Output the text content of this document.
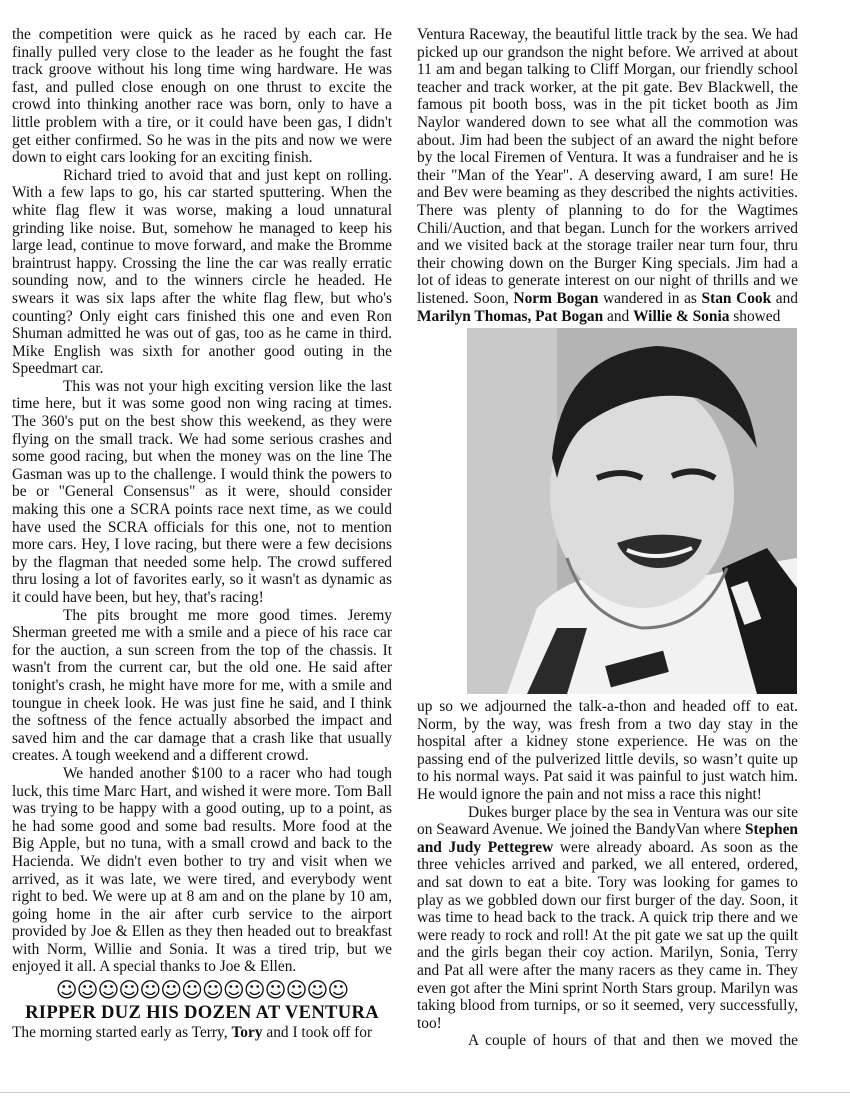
the competition were quick as he raced by each car. He finally pulled very close to the leader as he fought the fast track groove without his long time wing hardware. He was fast, and pulled close enough on one thrust to excite the crowd into thinking another race was born, only to have a little problem with a tire, or it could have been gas, I didn't get either confirmed. So he was in the pits and now we were down to eight cars looking for an exciting finish.

Richard tried to avoid that and just kept on rolling. With a few laps to go, his car started sputtering. When the white flag flew it was worse, making a loud unnatural grinding like noise. But, somehow he managed to keep his large lead, continue to move forward, and make the Bromme braintrust happy. Crossing the line the car was really erratic sounding now, and to the winners circle he headed. He swears it was six laps after the white flag flew, but who's counting? Only eight cars finished this one and even Ron Shuman admitted he was out of gas, too as he came in third. Mike English was sixth for another good outing in the Speedmart car.

This was not your high exciting version like the last time here, but it was some good non wing racing at times. The 360's put on the best show this weekend, as they were flying on the small track. We had some serious crashes and some good racing, but when the money was on the line The Gasman was up to the challenge. I would think the powers to be or "General Consensus" as it were, should consider making this one a SCRA points race next time, as we could have used the SCRA officials for this one, not to mention more cars. Hey, I love racing, but there were a few decisions by the flagman that needed some help. The crowd suffered thru losing a lot of favorites early, so it wasn't as dynamic as it could have been, but hey, that's racing!

The pits brought me more good times. Jeremy Sherman greeted me with a smile and a piece of his race car for the auction, a sun screen from the top of the chassis. It wasn't from the current car, but the old one. He said after tonight's crash, he might have more for me, with a smile and toungue in cheek look. He was just fine he said, and I think the softness of the fence actually absorbed the impact and saved him and the car damage that a crash like that usually creates. A tough weekend and a different crowd.

We handed another $100 to a racer who had tough luck, this time Marc Hart, and wished it were more. Tom Ball was trying to be happy with a good outing, up to a point, as he had some good and some bad results. More food at the Big Apple, but no tuna, with a small crowd and back to the Hacienda. We didn't even bother to try and visit when we arrived, as it was late, we were tired, and everybody went right to bed. We were up at 8 am and on the plane by 10 am, going home in the air after curb service to the airport provided by Joe & Ellen as they then headed out to breakfast with Norm, Willie and Sonia. It was a tired trip, but we enjoyed it all. A special thanks to Joe & Ellen.

☺☺☺☺☺☺☺☺☺☺☺☺☺☺

RIPPER DUZ HIS DOZEN AT VENTURA

The morning started early as Terry, Tory and I took off for

Ventura Raceway, the beautiful little track by the sea. We had picked up our grandson the night before. We arrived at about 11 am and began talking to Cliff Morgan, our friendly school teacher and track worker, at the pit gate. Bev Blackwell, the famous pit booth boss, was in the pit ticket booth as Jim Naylor wandered down to see what all the commotion was about. Jim had been the subject of an award the night before by the local Firemen of Ventura. It was a fundraiser and he is their "Man of the Year". A deserving award, I am sure! He and Bev were beaming as they described the nights activities. There was plenty of planning to do for the Wagtimes Chili/Auction, and that began. Lunch for the workers arrived and we visited back at the storage trailer near turn four, thru their chowing down on the Burger King specials. Jim had a lot of ideas to generate interest on our night of thrills and we listened. Soon, Norm Bogan wandered in as Stan Cook and Marilyn Thomas, Pat Bogan and Willie & Sonia showed

up so we adjourned the talk-a-thon and headed off to eat. Norm, by the way, was fresh from a two day stay in the hospital after a kidney stone experience. He was on the passing end of the pulverized little devils, so wasn’t quite up to his normal ways. Pat said it was painful to just watch him. He would ignore the pain and not miss a race this night!

Dukes burger place by the sea in Ventura was our site on Seaward Avenue. We joined the BandyVan where Stephen and Judy Pettegrew were already aboard. As soon as the three vehicles arrived and parked, we all entered, ordered, and sat down to eat a bite. Tory was looking for games to play as we gobbled down our first burger of the day. Soon, it was time to head back to the track. A quick trip there and we were ready to rock and roll! At the pit gate we sat up the quilt and the girls began their coy action. Marilyn, Sonia, Terry and Pat all were after the many racers as they came in. They even got after the Mini sprint North Stars group. Marilyn was taking blood from turnips, or so it seemed, very successfully, too!

A couple of hours of that and then we moved the
